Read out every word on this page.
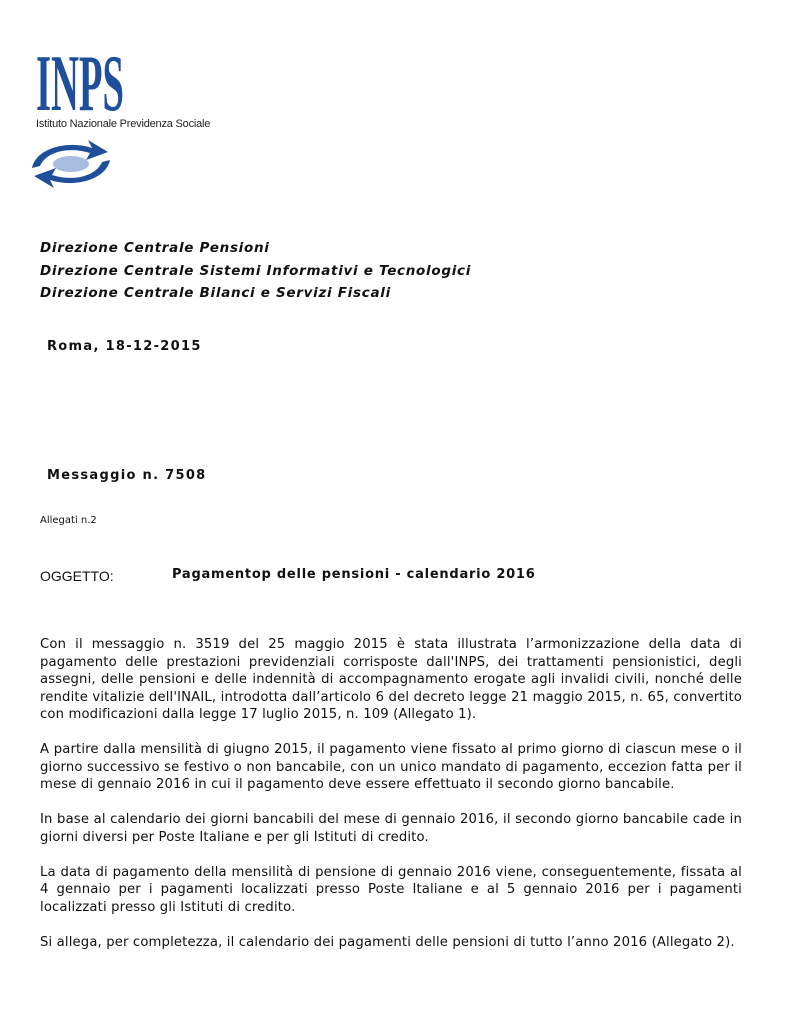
INPS
Istituto Nazionale Previdenza Sociale
Direzione Centrale Pensioni
Direzione Centrale Sistemi Informativi e Tecnologici
Direzione Centrale Bilanci e Servizi Fiscali
Roma, 18-12-2015
Messaggio n. 7508
Allegati n.2
OGGETTO:	Pagamentop delle pensioni - calendario 2016

Con il messaggio n. 3519 del 25 maggio 2015 è stata illustrata l’armonizzazione della data di pagamento delle prestazioni previdenziali corrisposte dall'INPS, dei trattamenti pensionistici, degli assegni, delle pensioni e delle indennità di accompagnamento erogate agli invalidi civili, nonché delle rendite vitalizie dell'INAIL, introdotta dall’articolo 6 del decreto legge 21 maggio 2015, n. 65, convertito con modificazioni dalla legge 17 luglio 2015, n. 109 (Allegato 1).

A partire dalla mensilità di giugno 2015, il pagamento viene fissato al primo giorno di ciascun mese o il giorno successivo se festivo o non bancabile, con un unico mandato di pagamento, eccezion fatta per il mese di gennaio 2016 in cui il pagamento deve essere effettuato il secondo giorno bancabile.

In base al calendario dei giorni bancabili del mese di gennaio 2016, il secondo giorno bancabile cade in giorni diversi per Poste Italiane e per gli Istituti di credito.

La data di pagamento della mensilità di pensione di gennaio 2016 viene, conseguentemente, fissata al 4 gennaio per i pagamenti localizzati presso Poste Italiane e al 5 gennaio 2016 per i pagamenti localizzati presso gli Istituti di credito.

Si allega, per completezza, il calendario dei pagamenti delle pensioni di tutto l’anno 2016 (Allegato 2).
